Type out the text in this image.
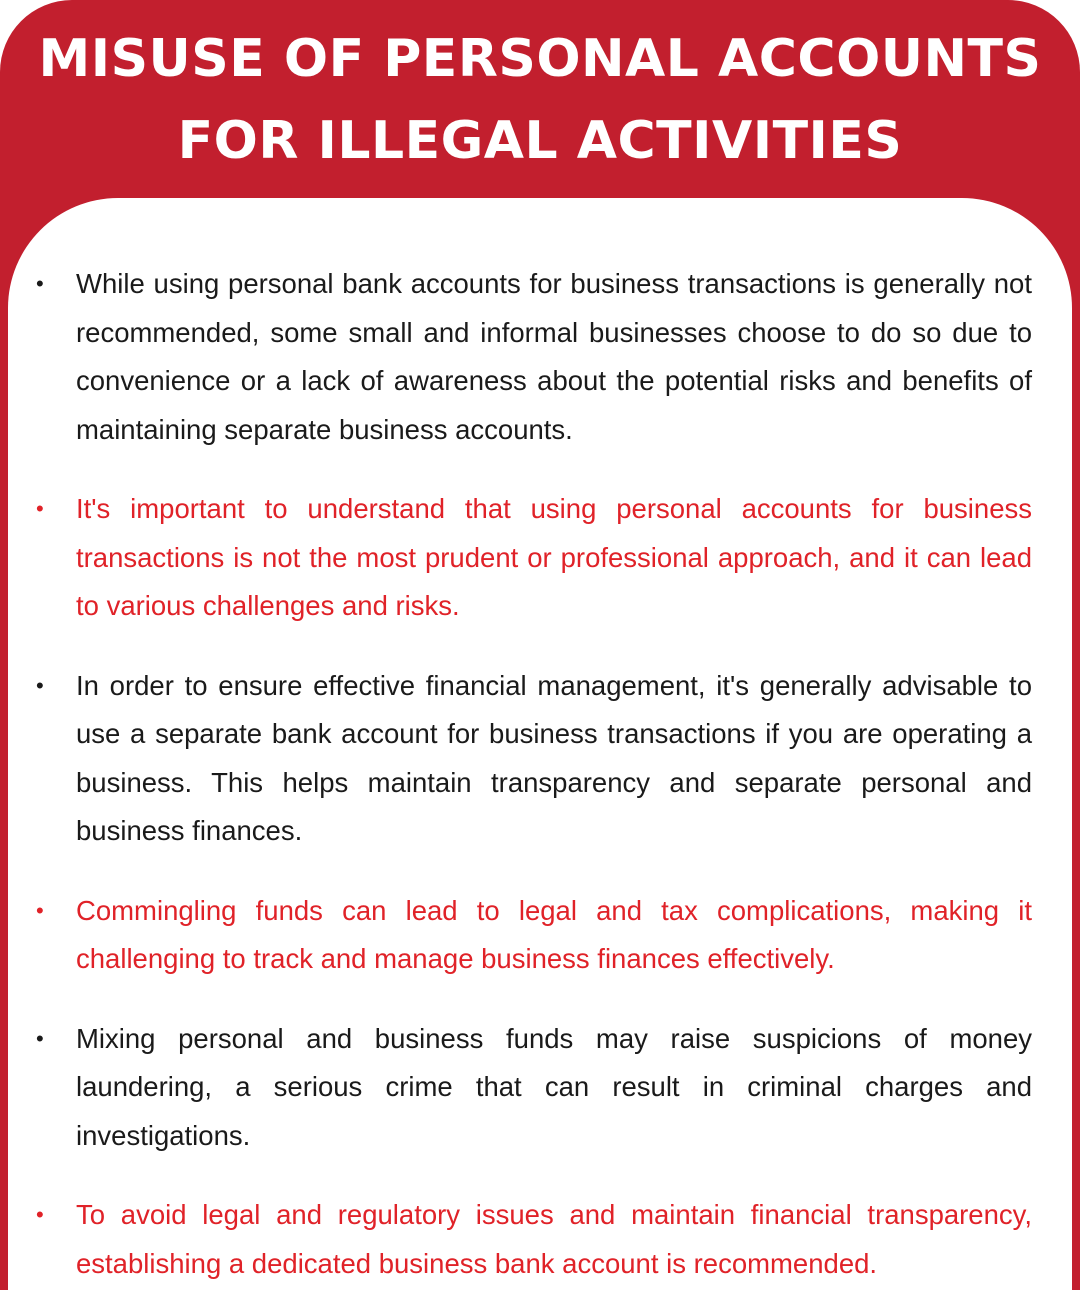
MISUSE OF PERSONAL ACCOUNTS
FOR ILLEGAL ACTIVITIES
• While using personal bank accounts for business transactions is generally not recommended, some small and informal businesses choose to do so due to convenience or a lack of awareness about the potential risks and benefits of maintaining separate business accounts.
• It's important to understand that using personal accounts for business transactions is not the most prudent or professional approach, and it can lead to various challenges and risks.
• In order to ensure effective financial management, it's generally advisable to use a separate bank account for business transactions if you are operating a business. This helps maintain transparency and separate personal and business finances.
• Commingling funds can lead to legal and tax complications, making it challenging to track and manage business finances effectively.
• Mixing personal and business funds may raise suspicions of money laundering, a serious crime that can result in criminal charges and investigations.
• To avoid legal and regulatory issues and maintain financial transparency, establishing a dedicated business bank account is recommended.
